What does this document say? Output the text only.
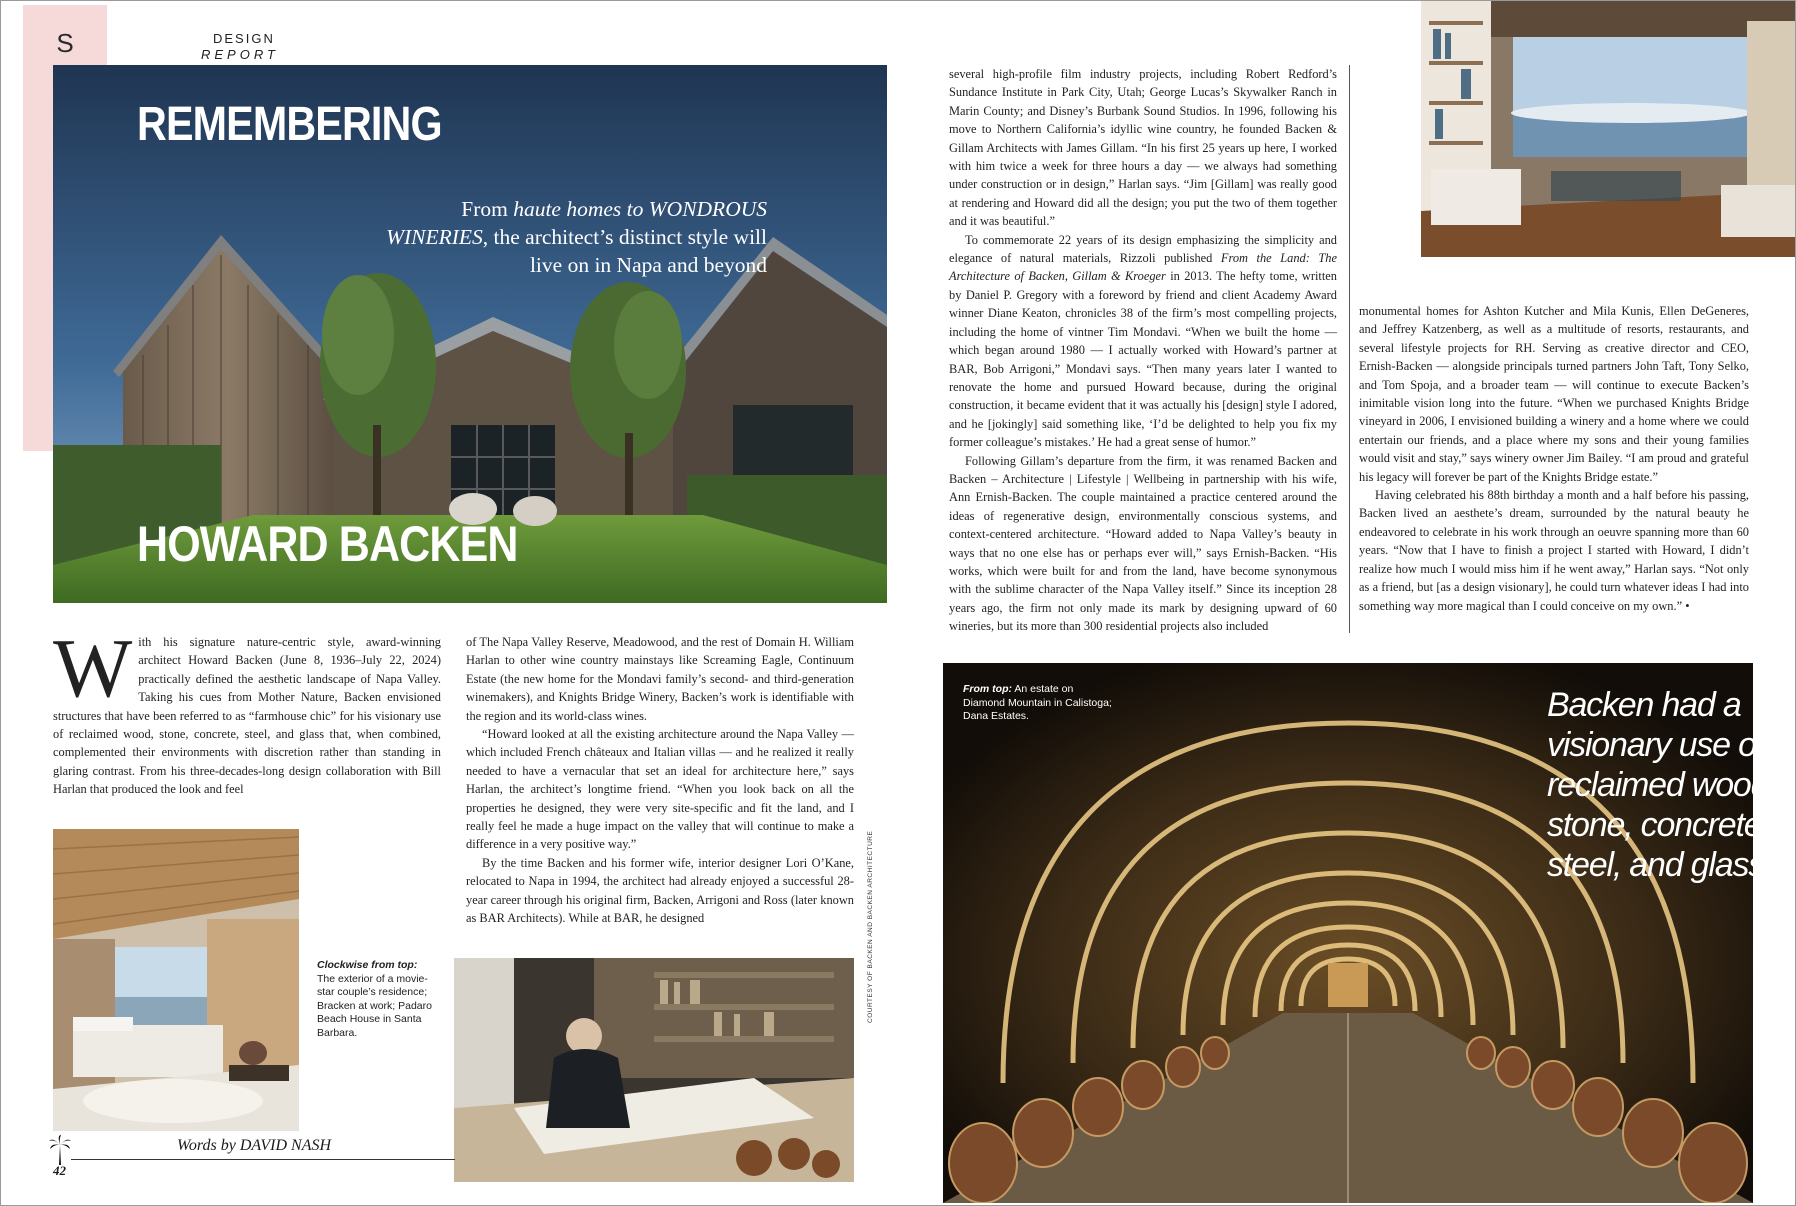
S	DESIGN
REPORT
REMEMBERING
From haute homes to WONDROUS WINERIES, the architect’s distinct style will live on in Napa and beyond
HOWARD BACKEN

With his signature nature-centric style, award-winning architect Howard Backen (June 8, 1936–July 22, 2024) practically defined the aesthetic landscape of Napa Valley. Taking his cues from Mother Nature, Backen envisioned structures that have been referred to as “farmhouse chic” for his visionary use of reclaimed wood, stone, concrete, steel, and glass that, when combined, complemented their environments with discretion rather than standing in glaring contrast. From his three-decades-long design collaboration with Bill Harlan that produced the look and feel

of The Napa Valley Reserve, Meadowood, and the rest of Domain H. William Harlan to other wine country mainstays like Screaming Eagle, Continuum Estate (the new home for the Mondavi family’s second- and third-generation winemakers), and Knights Bridge Winery, Backen’s work is identifiable with the region and its world-class wines.

“Howard looked at all the existing architecture around the Napa Valley — which included French châteaux and Italian villas — and he realized it really needed to have a vernacular that set an ideal for architecture here,” says Harlan, the architect’s longtime friend. “When you look back on all the properties he designed, they were very site-specific and fit the land, and I really feel he made a huge impact on the valley that will continue to make a difference in a very positive way.”

By the time Backen and his former wife, interior designer Lori O’Kane, relocated to Napa in 1994, the architect had already enjoyed a successful 28-year career through his original firm, Backen, Arrigoni and Ross (later known as BAR Architects). While at BAR, he designed

Clockwise from top:
The exterior of a movie-star couple’s residence; Bracken at work; Padaro Beach House in Santa Barbara.
COURTESY OF BACKEN AND BACKEN ARCHITECTURE
Words by DAVID NASH
42

several high-profile film industry projects, including Robert Redford’s Sundance Institute in Park City, Utah; George Lucas’s Skywalker Ranch in Marin County; and Disney’s Burbank Sound Studios. In 1996, following his move to Northern California’s idyllic wine country, he founded Backen & Gillam Architects with James Gillam. “In his first 25 years up here, I worked with him twice a week for three hours a day — we always had something under construction or in design,” Harlan says. “Jim [Gillam] was really good at rendering and Howard did all the design; you put the two of them together and it was beautiful.”

To commemorate 22 years of its design emphasizing the simplicity and elegance of natural materials, Rizzoli published From the Land: The Architecture of Backen, Gillam & Kroeger in 2013. The hefty tome, written by Daniel P. Gregory with a foreword by friend and client Academy Award winner Diane Keaton, chronicles 38 of the firm’s most compelling projects, including the home of vintner Tim Mondavi. “When we built the home — which began around 1980 — I actually worked with Howard’s partner at BAR, Bob Arrigoni,” Mondavi says. “Then many years later I wanted to renovate the home and pursued Howard because, during the original construction, it became evident that it was actually his [design] style I adored, and he [jokingly] said something like, ‘I’d be delighted to help you fix my former colleague’s mistakes.’ He had a great sense of humor.”

Following Gillam’s departure from the firm, it was renamed Backen and Backen – Architecture | Lifestyle | Wellbeing in partnership with his wife, Ann Ernish-Backen. The couple maintained a practice centered around the ideas of regenerative design, environmentally conscious systems, and context-centered architecture. “Howard added to Napa Valley’s beauty in ways that no one else has or perhaps ever will,” says Ernish-Backen. “His works, which were built for and from the land, have become synonymous with the sublime character of the Napa Valley itself.” Since its inception 28 years ago, the firm not only made its mark by designing upward of 60 wineries, but its more than 300 residential projects also included

monumental homes for Ashton Kutcher and Mila Kunis, Ellen DeGeneres, and Jeffrey Katzenberg, as well as a multitude of resorts, restaurants, and several lifestyle projects for RH. Serving as creative director and CEO, Ernish-Backen — alongside principals turned partners John Taft, Tony Selko, and Tom Spoja, and a broader team — will continue to execute Backen’s inimitable vision long into the future. “When we purchased Knights Bridge vineyard in 2006, I envisioned building a winery and a home where we could entertain our friends, and a place where my sons and their young families would visit and stay,” says winery owner Jim Bailey. “I am proud and grateful his legacy will forever be part of the Knights Bridge estate.”

Having celebrated his 88th birthday a month and a half before his passing, Backen lived an aesthete’s dream, surrounded by the natural beauty he endeavored to celebrate in his work through an oeuvre spanning more than 60 years. “Now that I have to finish a project I started with Howard, I didn’t realize how much I would miss him if he went away,” Harlan says. “Not only as a friend, but [as a design visionary], he could turn whatever ideas I had into something way more magical than I could conceive on my own.” •

From top: An estate on Diamond Mountain in Calistoga; Dana Estates.	Backen had a visionary use of reclaimed wood, stone, concrete, steel, and glass.
